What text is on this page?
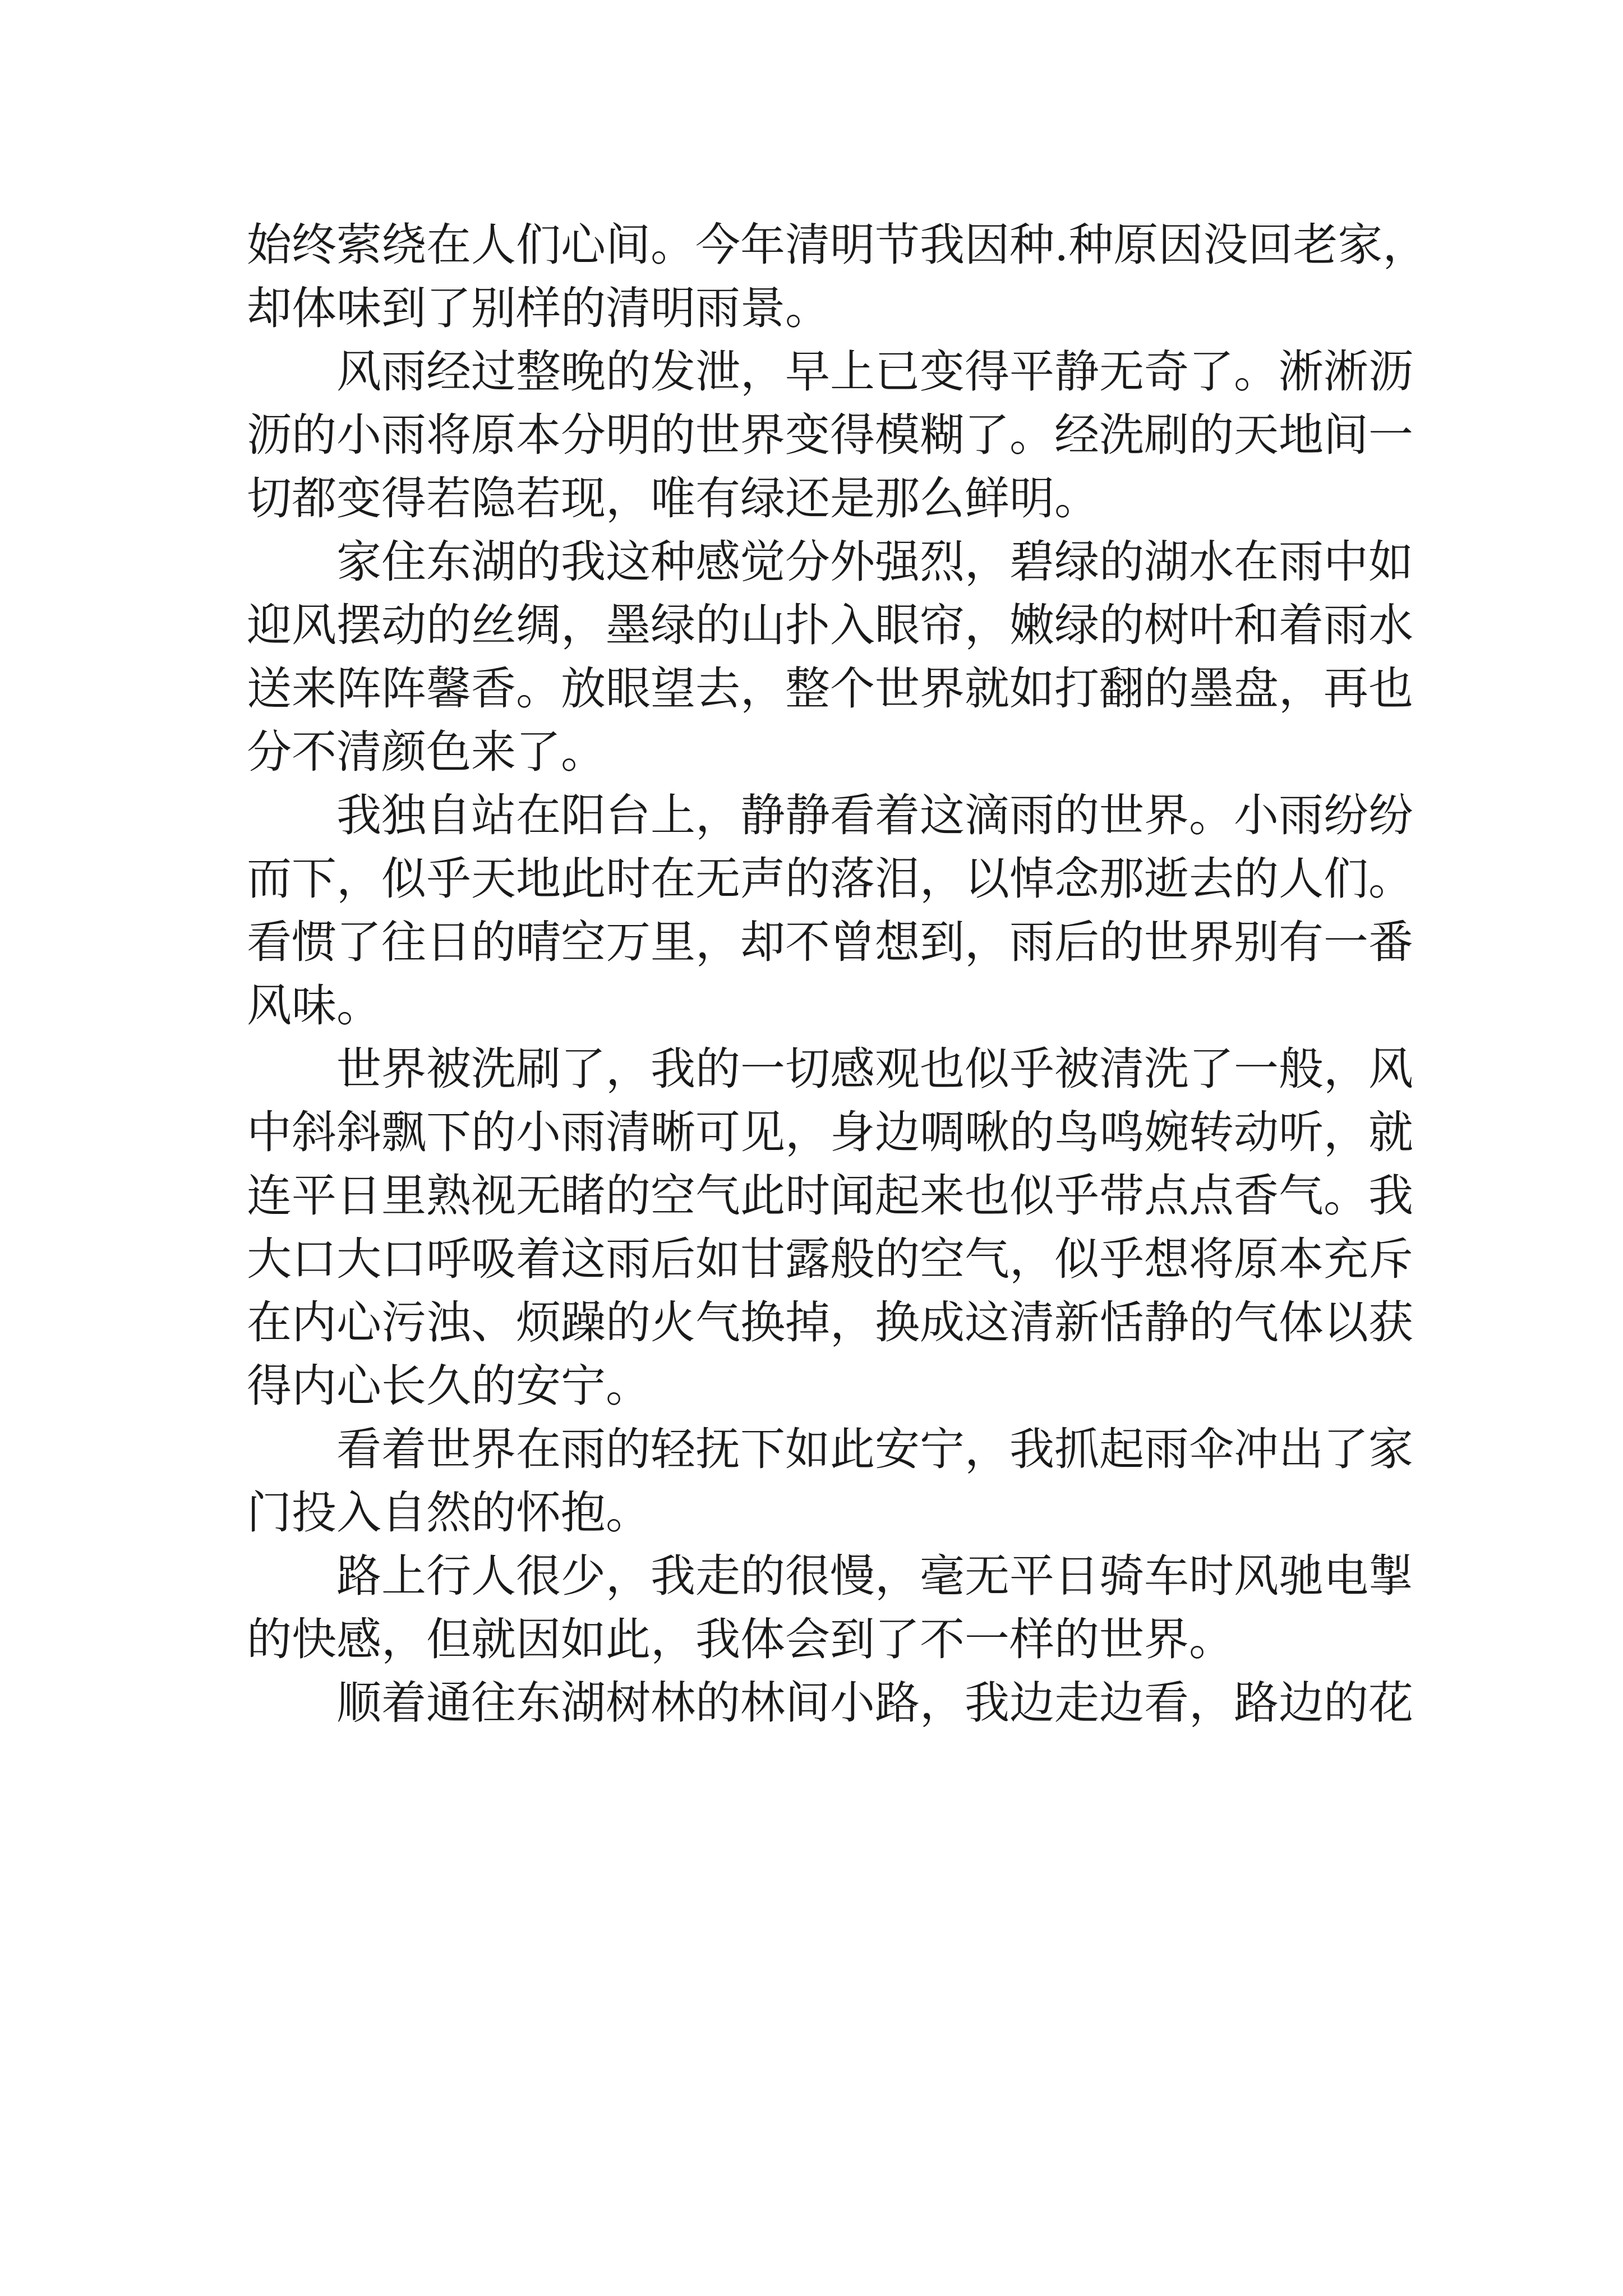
始终萦绕在人们心间。今年清明节我因种.种原因没回老家，
却体味到了别样的清明雨景。
风雨经过整晚的发泄，早上已变得平静无奇了。淅淅沥
沥的小雨将原本分明的世界变得模糊了。经洗刷的天地间一
切都变得若隐若现，唯有绿还是那么鲜明。
家住东湖的我这种感觉分外强烈，碧绿的湖水在雨中如
迎风摆动的丝绸，墨绿的山扑入眼帘，嫩绿的树叶和着雨水
送来阵阵馨香。放眼望去，整个世界就如打翻的墨盘，再也
分不清颜色来了。
我独自站在阳台上，静静看着这滴雨的世界。小雨纷纷
而下，似乎天地此时在无声的落泪，以悼念那逝去的人们。
看惯了往日的晴空万里，却不曾想到，雨后的世界别有一番
风味。
世界被洗刷了，我的一切感观也似乎被清洗了一般，风
中斜斜飘下的小雨清晰可见，身边啁啾的鸟鸣婉转动听，就
连平日里熟视无睹的空气此时闻起来也似乎带点点香气。我
大口大口呼吸着这雨后如甘露般的空气，似乎想将原本充斥
在内心污浊、烦躁的火气换掉，换成这清新恬静的气体以获
得内心长久的安宁。
看着世界在雨的轻抚下如此安宁，我抓起雨伞冲出了家
门投入自然的怀抱。
路上行人很少，我走的很慢，毫无平日骑车时风驰电掣
的快感，但就因如此，我体会到了不一样的世界。
顺着通往东湖树林的林间小路，我边走边看，路边的花
